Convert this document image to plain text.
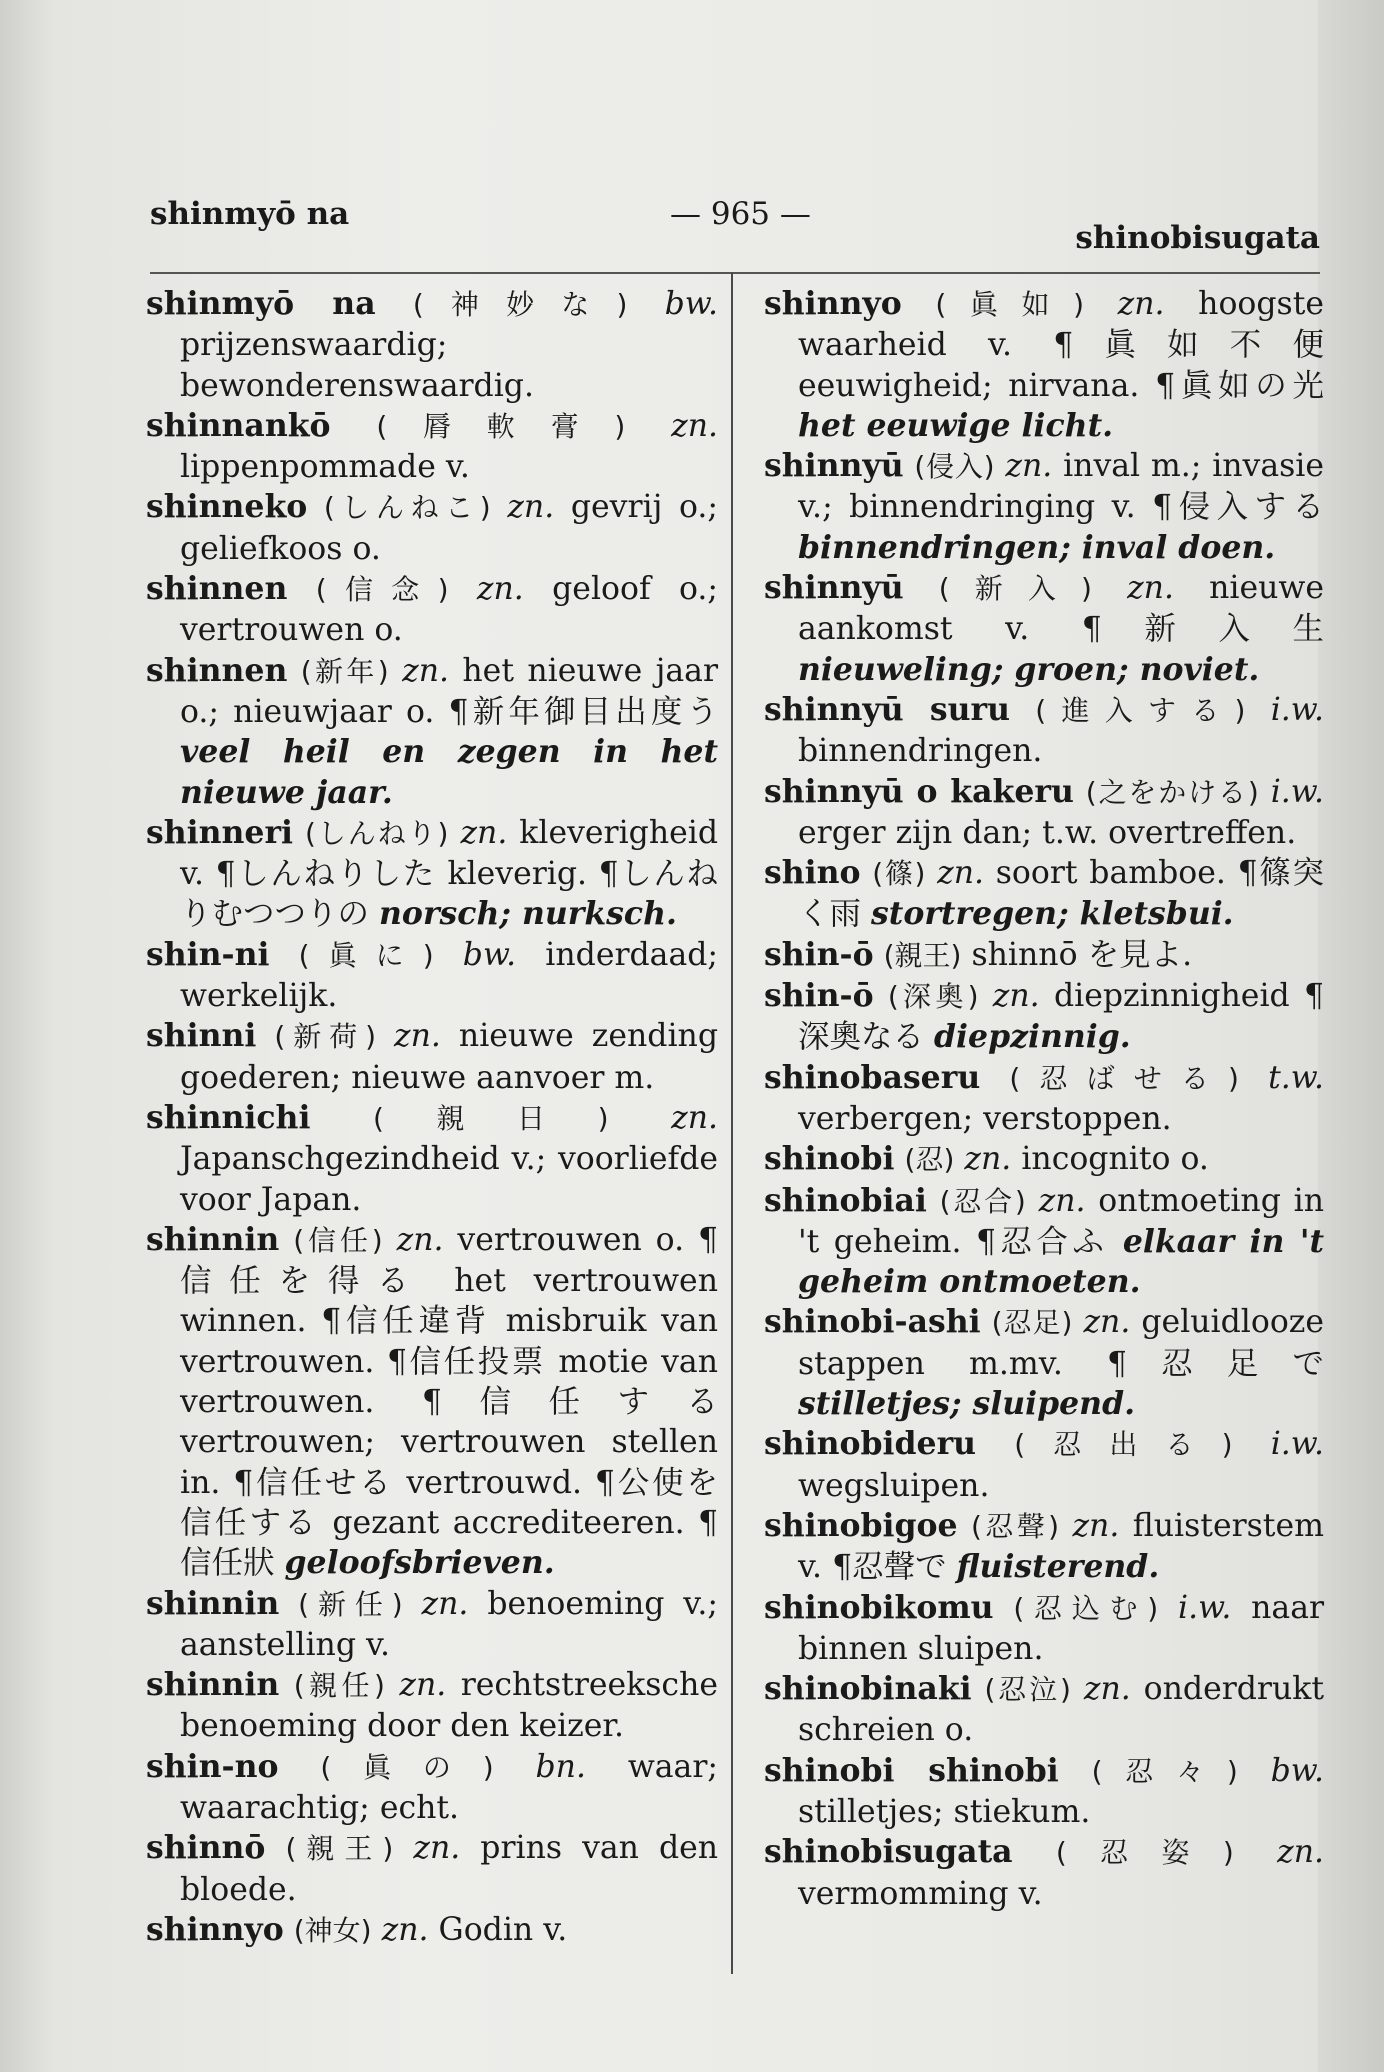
shinmyō na	— 965 —
shinobisugata
shinmyō na (神妙な) bw. prijzenswaardig; bewonderenswaardig.
shinnankō (脣軟膏) zn. lippenpommade v.
shinneko (しんねこ) zn. gevrij o.; geliefkoos o.
shinnen (信念) zn. geloof o.; vertrouwen o.
shinnen (新年) zn. het nieuwe jaar o.; nieuwjaar o. ¶新年御目出度う veel heil en zegen in het nieuwe jaar.
shinneri (しんねり) zn. kleverigheid v. ¶しんねりした kleverig. ¶しんねりむつつりの norsch; nurksch.
shin-ni (眞に) bw. inderdaad; werkelijk.
shinni (新荷) zn. nieuwe zending goederen; nieuwe aanvoer m.
shinnichi (親日) zn. Japanschgezindheid v.; voorliefde voor Japan.
shinnin (信任) zn. vertrouwen o. ¶信任を得る het vertrouwen winnen. ¶信任違背 misbruik van vertrouwen. ¶信任投票 motie van vertrouwen. ¶信任する vertrouwen; vertrouwen stellen in. ¶信任せる vertrouwd. ¶公使を信任する gezant accrediteeren. ¶信任狀 geloofsbrieven.
shinnin (新任) zn. benoeming v.; aanstelling v.
shinnin (親任) zn. rechtstreeksche benoeming door den keizer.
shin-no (眞の) bn. waar; waarachtig; echt.
shinnō (親王) zn. prins van den bloede.
shinnyo (神女) zn. Godin v.
shinnyo (眞如) zn. hoogste waarheid v. ¶眞如不便 eeuwigheid; nirvana. ¶眞如の光 het eeuwige licht.
shinnyū (侵入) zn. inval m.; invasie v.; binnendringing v. ¶侵入する binnendringen; inval doen.
shinnyū (新入) zn. nieuwe aankomst v. ¶新入生 nieuweling; groen; noviet.
shinnyū suru (進入する) i.w. binnendringen.
shinnyū o kakeru (之をかける) i.w. erger zijn dan; t.w. overtreffen.
shino (篠) zn. soort bamboe. ¶篠突く雨 stortregen; kletsbui.
shin-ō (親王) shinnō を見よ.
shin-ō (深奧) zn. diepzinnigheid ¶深奧なる diepzinnig.
shinobaseru (忍ばせる) t.w. verbergen; verstoppen.
shinobi (忍) zn. incognito o.
shinobiai (忍合) zn. ontmoeting in 't geheim. ¶忍合ふ elkaar in 't geheim ontmoeten.
shinobi-ashi (忍足) zn. geluidlooze stappen m.mv. ¶忍足で stilletjes; sluipend.
shinobideru (忍出る) i.w. wegsluipen.
shinobigoe (忍聲) zn. fluisterstem v. ¶忍聲で fluisterend.
shinobikomu (忍込む) i.w. naar binnen sluipen.
shinobinaki (忍泣) zn. onderdrukt schreien o.
shinobi shinobi (忍々) bw. stilletjes; stiekum.
shinobisugata (忍姿) zn. vermomming v.
